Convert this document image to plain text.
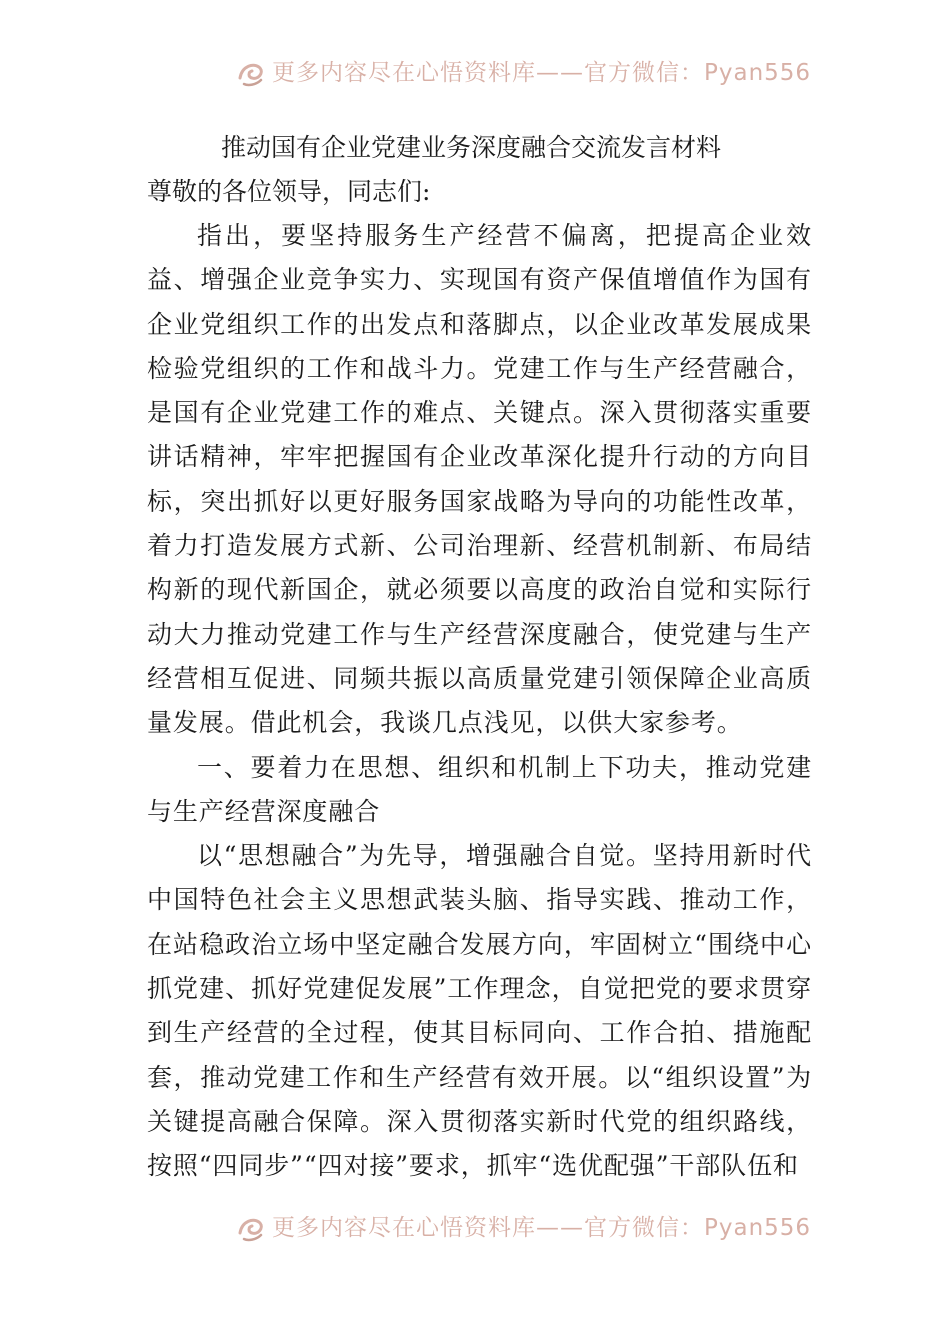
更多内容尽在心悟资料库——官方微信：Pyan556
推动国有企业党建业务深度融合交流发言材料

尊敬的各位领导，同志们:

指出，要坚持服务生产经营不偏离，把提高企业效益、增强企业竞争实力、实现国有资产保值增值作为国有企业党组织工作的出发点和落脚点，以企业改革发展成果检验党组织的工作和战斗力。党建工作与生产经营融合，是国有企业党建工作的难点、关键点。深入贯彻落实重要讲话精神，牢牢把握国有企业改革深化提升行动的方向目标，突出抓好以更好服务国家战略为导向的功能性改革，着力打造发展方式新、公司治理新、经营机制新、布局结构新的现代新国企，就必须要以高度的政治自觉和实际行动大力推动党建工作与生产经营深度融合，使党建与生产经营相互促进、同频共振以高质量党建引领保障企业高质量发展。借此机会，我谈几点浅见，以供大家参考。

一、要着力在思想、组织和机制上下功夫，推动党建与生产经营深度融合

以“思想融合”为先导，增强融合自觉。坚持用新时代中国特色社会主义思想武装头脑、指导实践、推动工作，在站稳政治立场中坚定融合发展方向，牢固树立“围绕中心抓党建、抓好党建促发展”工作理念，自觉把党的要求贯穿到生产经营的全过程，使其目标同向、工作合拍、措施配套，推动党建工作和生产经营有效开展。以“组织设置”为关键提高融合保障。深入贯彻落实新时代党的组织路线，按照“四同步”“四对接”要求，抓牢“选优配强”干部队伍和

更多内容尽在心悟资料库——官方微信：Pyan556
